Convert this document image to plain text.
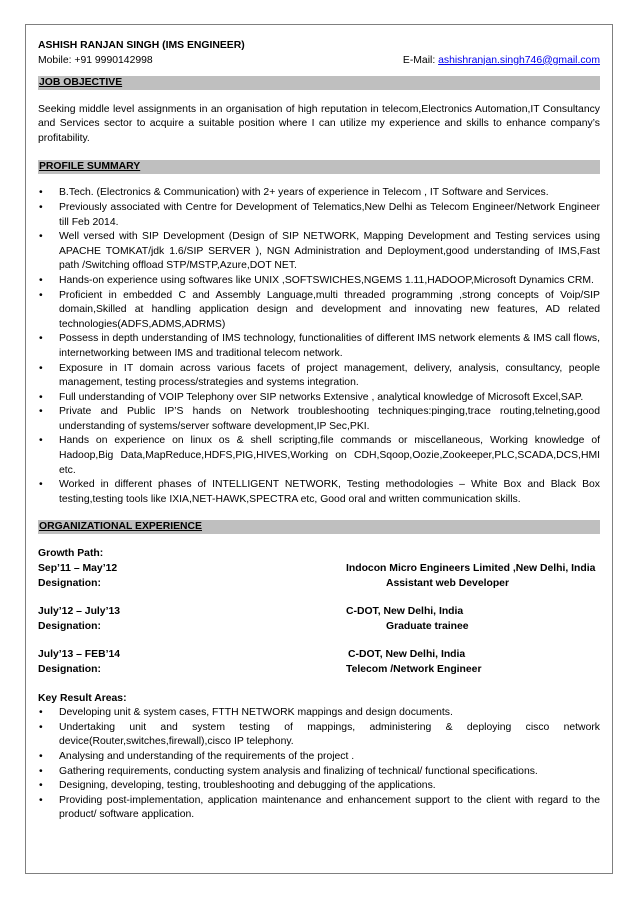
ASHISH RANJAN SINGH (IMS ENGINEER)
Mobile: +91 9990142998	E-Mail: ashishranjan.singh746@gmail.com
JOB OBJECTIVE

Seeking middle level assignments in an organisation of high reputation in telecom,Electronics Automation,IT Consultancy and Services sector to acquire a suitable position where I can utilize my experience and skills to enhance company’s profitability.

PROFILE SUMMARY
• B.Tech. (Electronics & Communication) with 2+ years of experience in Telecom , IT Software and Services.
• Previously associated with Centre for Development of Telematics,New Delhi as Telecom Engineer/Network Engineer till Feb 2014.
• Well versed with SIP Development (Design of SIP NETWORK, Mapping Development and Testing services using APACHE TOMKAT/jdk 1.6/SIP SERVER ), NGN Administration and Deployment,good understanding of IMS,Fast path /Switching offload STP/MSTP,Azure,DOT NET.
• Hands-on experience using softwares like UNIX ,SOFTSWICHES,NGEMS 1.11,HADOOP,Microsoft Dynamics CRM.
• Proficient in embedded C and Assembly Language,multi threaded programming ,strong concepts of Voip/SIP domain,Skilled at handling application design and development and innovating new features, AD related technologies(ADFS,ADMS,ADRMS)
• Possess in depth understanding of IMS technology, functionalities of different IMS network elements & IMS call flows, internetworking between IMS and traditional telecom network.
• Exposure in IT domain across various facets of project management, delivery, analysis, consultancy, people management, testing process/strategies and systems integration.
• Full understanding of VOIP Telephony over SIP networks Extensive , analytical knowledge of Microsoft Excel,SAP.
• Private and Public IP’S hands on Network troubleshooting techniques:pinging,trace routing,telneting,good understanding of systems/server software development,IP Sec,PKI.
• Hands on experience on linux os & shell scripting,file commands or miscellaneous, Working knowledge of Hadoop,Big Data,MapReduce,HDFS,PIG,HIVES,Working on CDH,Sqoop,Oozie,Zookeeper,PLC,SCADA,DCS,HMI etc.
• Worked in different phases of INTELLIGENT NETWORK, Testing methodologies – White Box and Black Box testing,testing tools like IXIA,NET-HAWK,SPECTRA etc, Good oral and written communication skills.
ORGANIZATIONAL EXPERIENCE
Growth Path:
Sep’11 – May’12	Indocon Micro Engineers Limited ,New Delhi, India
Designation:	Assistant web Developer
July’12 – July’13	C-DOT, New Delhi, India
Designation:	Graduate trainee
July’13 – FEB’14	C-DOT, New Delhi, India
Designation:	Telecom /Network Engineer
Key Result Areas:
• Developing unit & system cases, FTTH NETWORK mappings and design documents.
• Undertaking unit and system testing of mappings, administering & deploying cisco network device(Router,switches,firewall),cisco IP telephony.
• Analysing and understanding of the requirements of the project .
• Gathering requirements, conducting system analysis and finalizing of technical/ functional specifications.
• Designing, developing, testing, troubleshooting and debugging of the applications.
• Providing post-implementation, application maintenance and enhancement support to the client with regard to the product/ software application.
